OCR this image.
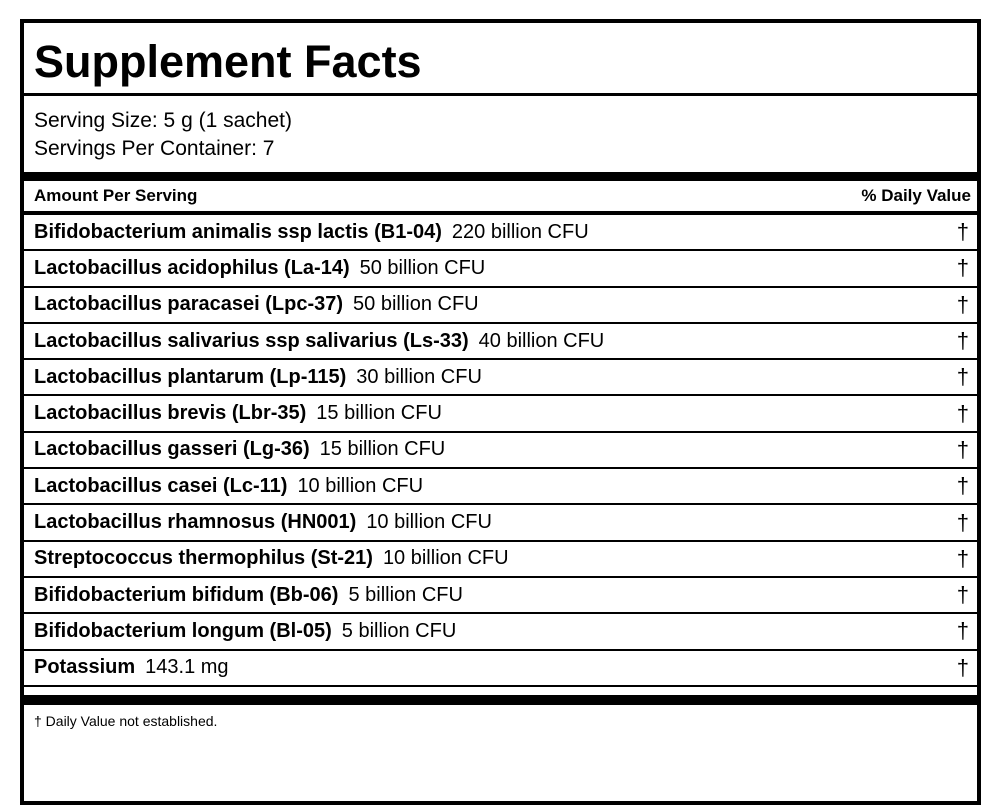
Supplement Facts
Serving Size: 5 g (1 sachet)
Servings Per Container: 7
Amount Per Serving	% Daily Value
Bifidobacterium animalis ssp lactis (B1-04) 220 billion CFU	†
Lactobacillus acidophilus (La-14) 50 billion CFU	†
Lactobacillus paracasei (Lpc-37) 50 billion CFU	†
Lactobacillus salivarius ssp salivarius (Ls-33) 40 billion CFU	†
Lactobacillus plantarum (Lp-115) 30 billion CFU	†
Lactobacillus brevis (Lbr-35) 15 billion CFU	†
Lactobacillus gasseri (Lg-36) 15 billion CFU	†
Lactobacillus casei (Lc-11) 10 billion CFU	†
Lactobacillus rhamnosus (HN001) 10 billion CFU	†
Streptococcus thermophilus (St-21) 10 billion CFU	†
Bifidobacterium bifidum (Bb-06) 5 billion CFU	†
Bifidobacterium longum (Bl-05) 5 billion CFU	†
Potassium 143.1 mg	†
† Daily Value not established.
